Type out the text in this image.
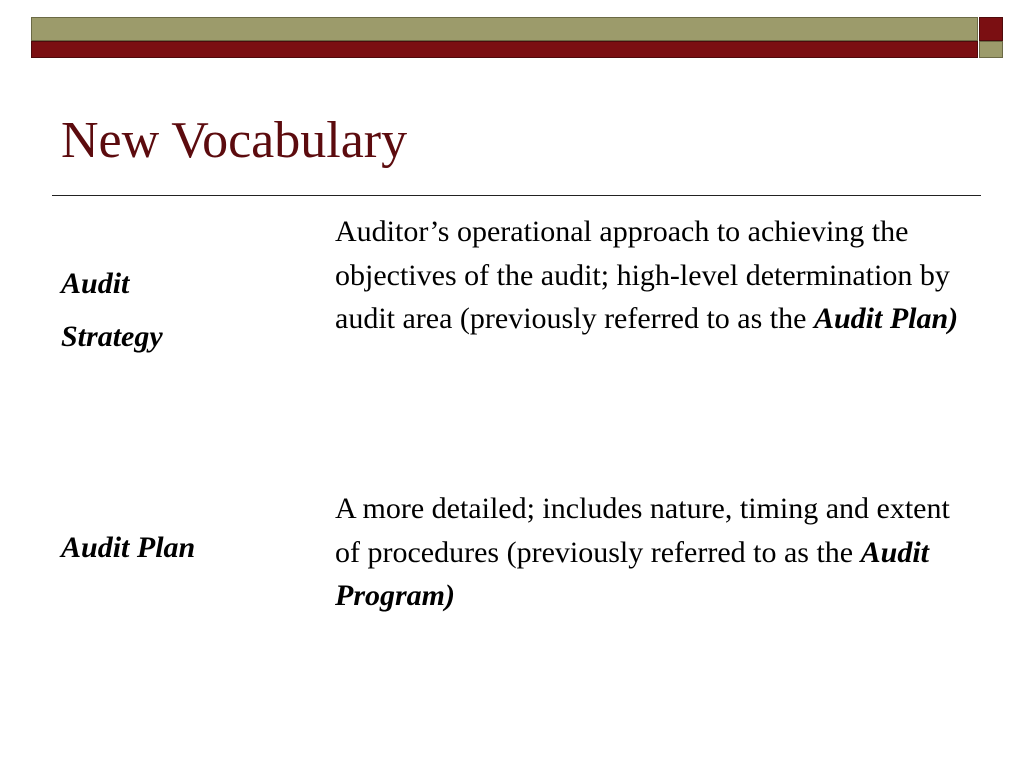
New Vocabulary

Audit
Strategy

Auditor’s operational approach to achieving the objectives of the audit; high-level determination by audit area (previously referred to as the Audit Plan)

Audit Plan

A more detailed; includes nature, timing and extent of procedures (previously referred to as the Audit Program)
